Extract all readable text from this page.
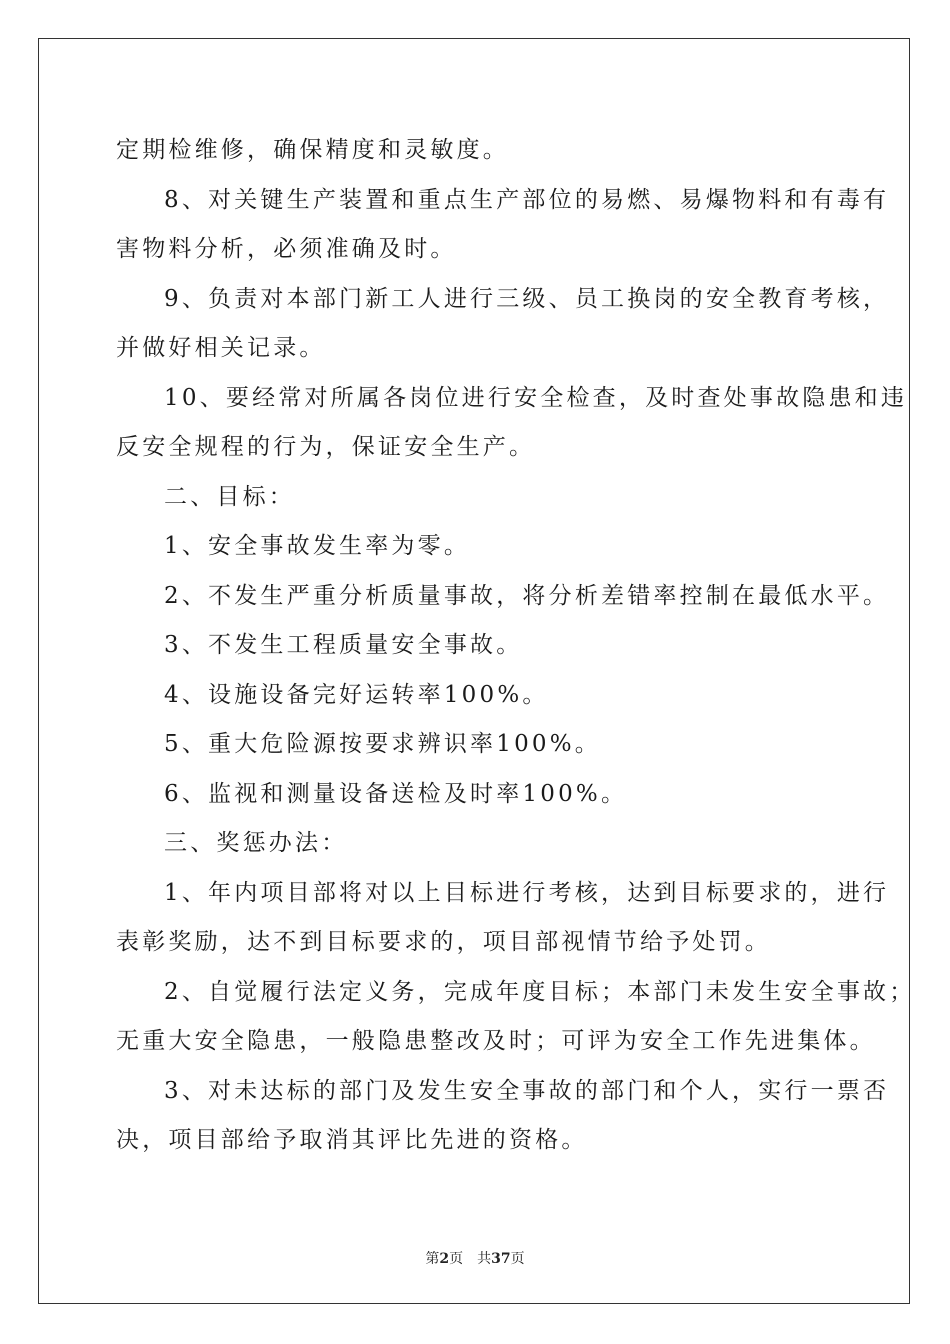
定期检维修，确保精度和灵敏度。

8、对关键生产装置和重点生产部位的易燃、易爆物料和有毒有

害物料分析，必须准确及时。

9、负责对本部门新工人进行三级、员工换岗的安全教育考核，

并做好相关记录。

10、要经常对所属各岗位进行安全检查，及时查处事故隐患和违

反安全规程的行为，保证安全生产。

二、目标：

1、安全事故发生率为零。

2、不发生严重分析质量事故，将分析差错率控制在最低水平。

3、不发生工程质量安全事故。

4、设施设备完好运转率100%。

5、重大危险源按要求辨识率100%。

6、监视和测量设备送检及时率100%。

三、奖惩办法：

1、年内项目部将对以上目标进行考核，达到目标要求的，进行

表彰奖励，达不到目标要求的，项目部视情节给予处罚。

2、自觉履行法定义务，完成年度目标；本部门未发生安全事故；

无重大安全隐患，一般隐患整改及时；可评为安全工作先进集体。

3、对未达标的部门及发生安全事故的部门和个人，实行一票否

决，项目部给予取消其评比先进的资格。

第2页 共37页
